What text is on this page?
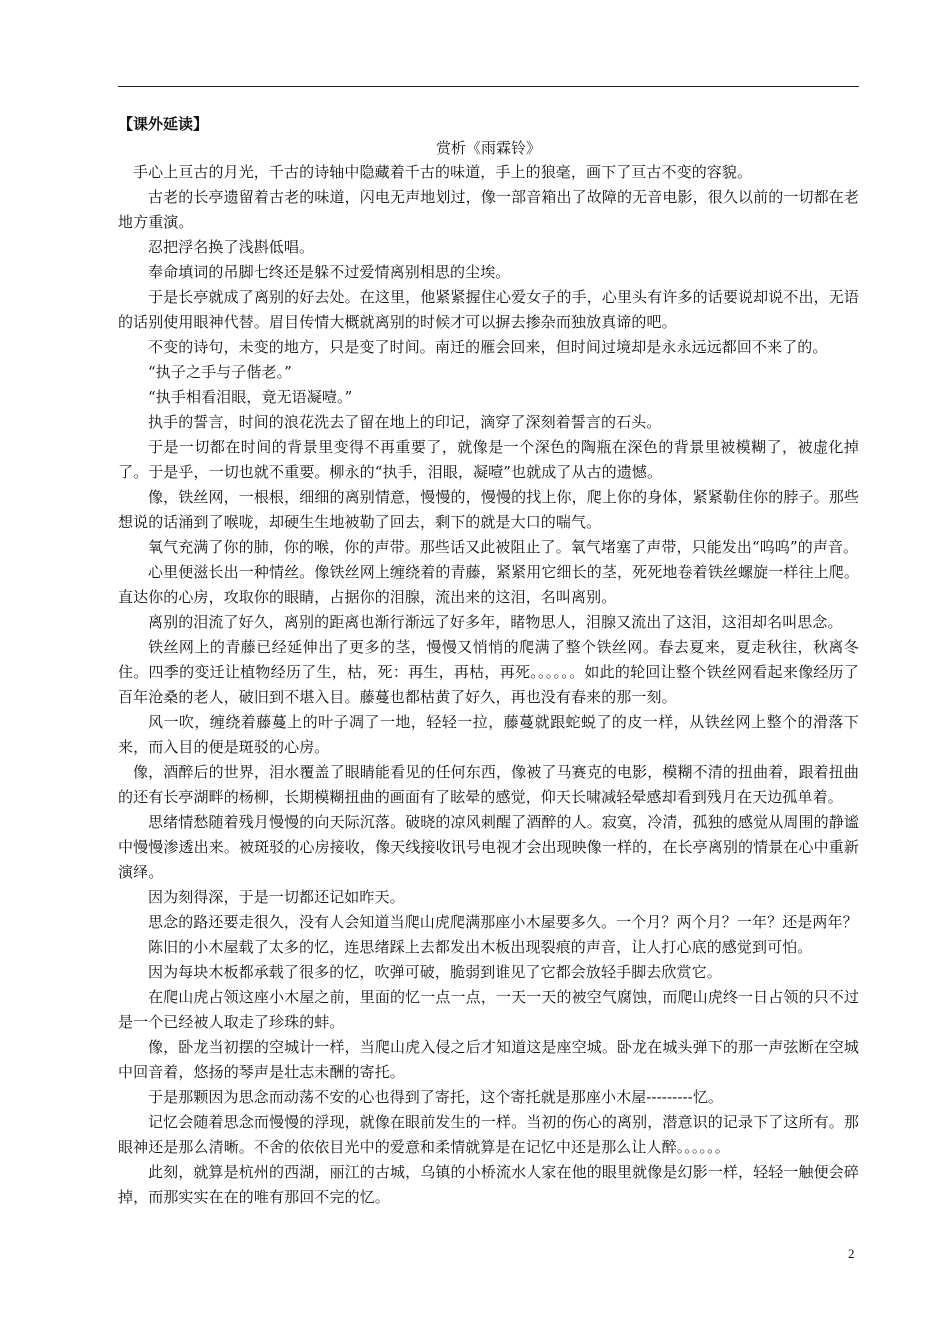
【课外延读】

赏析《雨霖铃》

手心上亘古的月光，千古的诗轴中隐藏着千古的味道，手上的狼毫，画下了亘古不变的容貌。

古老的长亭遗留着古老的味道，闪电无声地划过，像一部音箱出了故障的无音电影，很久以前的一切都在老地方重演。

忍把浮名换了浅斟低唱。

奉命填词的吊脚七终还是躲不过爱情离别相思的尘埃。

于是长亭就成了离别的好去处。在这里，他紧紧握住心爱女子的手，心里头有许多的话要说却说不出，无语的话别使用眼神代替。眉目传情大概就离别的时候才可以摒去掺杂而独放真谛的吧。

不变的诗句，未变的地方，只是变了时间。南迁的雁会回来，但时间过境却是永永远远都回不来了的。

“执子之手与子偕老。”

“执手相看泪眼，竟无语凝噎。”

执手的誓言，时间的浪花洗去了留在地上的印记，滴穿了深刻着誓言的石头。

于是一切都在时间的背景里变得不再重要了，就像是一个深色的陶瓶在深色的背景里被模糊了，被虚化掉了。于是乎，一切也就不重要。柳永的“执手，泪眼，凝噎”也就成了从古的遗憾。

像，铁丝网，一根根，细细的离别情意，慢慢的，慢慢的找上你，爬上你的身体，紧紧勒住你的脖子。那些想说的话涌到了喉咙，却硬生生地被勒了回去，剩下的就是大口的喘气。

氧气充满了你的肺，你的喉，你的声带。那些话又此被阻止了。氧气堵塞了声带，只能发出“呜呜”的声音。

心里便滋长出一种情丝。像铁丝网上缠绕着的青藤，紧紧用它细长的茎，死死地卷着铁丝螺旋一样往上爬。直达你的心房，攻取你的眼睛，占据你的泪腺，流出来的这泪，名叫离别。

离别的泪流了好久，离别的距离也渐行渐远了好多年，睹物思人，泪腺又流出了这泪，这泪却名叫思念。

铁丝网上的青藤已经延伸出了更多的茎，慢慢又悄悄的爬满了整个铁丝网。春去夏来，夏走秋往，秋离冬住。四季的变迁让植物经历了生，枯，死：再生，再枯，再死。。。。。。如此的轮回让整个铁丝网看起来像经历了百年沧桑的老人，破旧到不堪入目。藤蔓也都枯黄了好久，再也没有春来的那一刻。

风一吹，缠绕着藤蔓上的叶子凋了一地，轻轻一拉，藤蔓就跟蛇蜕了的皮一样，从铁丝网上整个的滑落下来，而入目的便是斑驳的心房。

像，酒醉后的世界，泪水覆盖了眼睛能看见的任何东西，像被了马赛克的电影，模糊不清的扭曲着，跟着扭曲的还有长亭湖畔的杨柳，长期模糊扭曲的画面有了眩晕的感觉，仰天长啸减轻晕感却看到残月在天边孤单着。

思绪情愁随着残月慢慢的向天际沉落。破晓的凉风刺醒了酒醉的人。寂寞，冷清，孤独的感觉从周围的静谧中慢慢渗透出来。被斑驳的心房接收，像天线接收讯号电视才会出现映像一样的，在长亭离别的情景在心中重新演绎。

因为刻得深，于是一切都还记如昨天。

思念的路还要走很久，没有人会知道当爬山虎爬满那座小木屋要多久。一个月？两个月？一年？还是两年？

陈旧的小木屋载了太多的忆，连思绪踩上去都发出木板出现裂痕的声音，让人打心底的感觉到可怕。

因为每块木板都承载了很多的忆，吹弹可破，脆弱到谁见了它都会放轻手脚去欣赏它。

在爬山虎占领这座小木屋之前，里面的忆一点一点，一天一天的被空气腐蚀，而爬山虎终一日占领的只不过是一个已经被人取走了珍珠的蚌。

像，卧龙当初摆的空城计一样，当爬山虎入侵之后才知道这是座空城。卧龙在城头弹下的那一声弦断在空城中回音着，悠扬的琴声是壮志未酬的寄托。

于是那颗因为思念而动荡不安的心也得到了寄托，这个寄托就是那座小木屋---------忆。

记忆会随着思念而慢慢的浮现，就像在眼前发生的一样。当初的伤心的离别，潜意识的记录下了这所有。那眼神还是那么清晰。不舍的依依目光中的爱意和柔情就算是在记忆中还是那么让人醉。。。。。。

此刻，就算是杭州的西湖，丽江的古城，乌镇的小桥流水人家在他的眼里就像是幻影一样，轻轻一触便会碎掉，而那实实在在的唯有那回不完的忆。

2
